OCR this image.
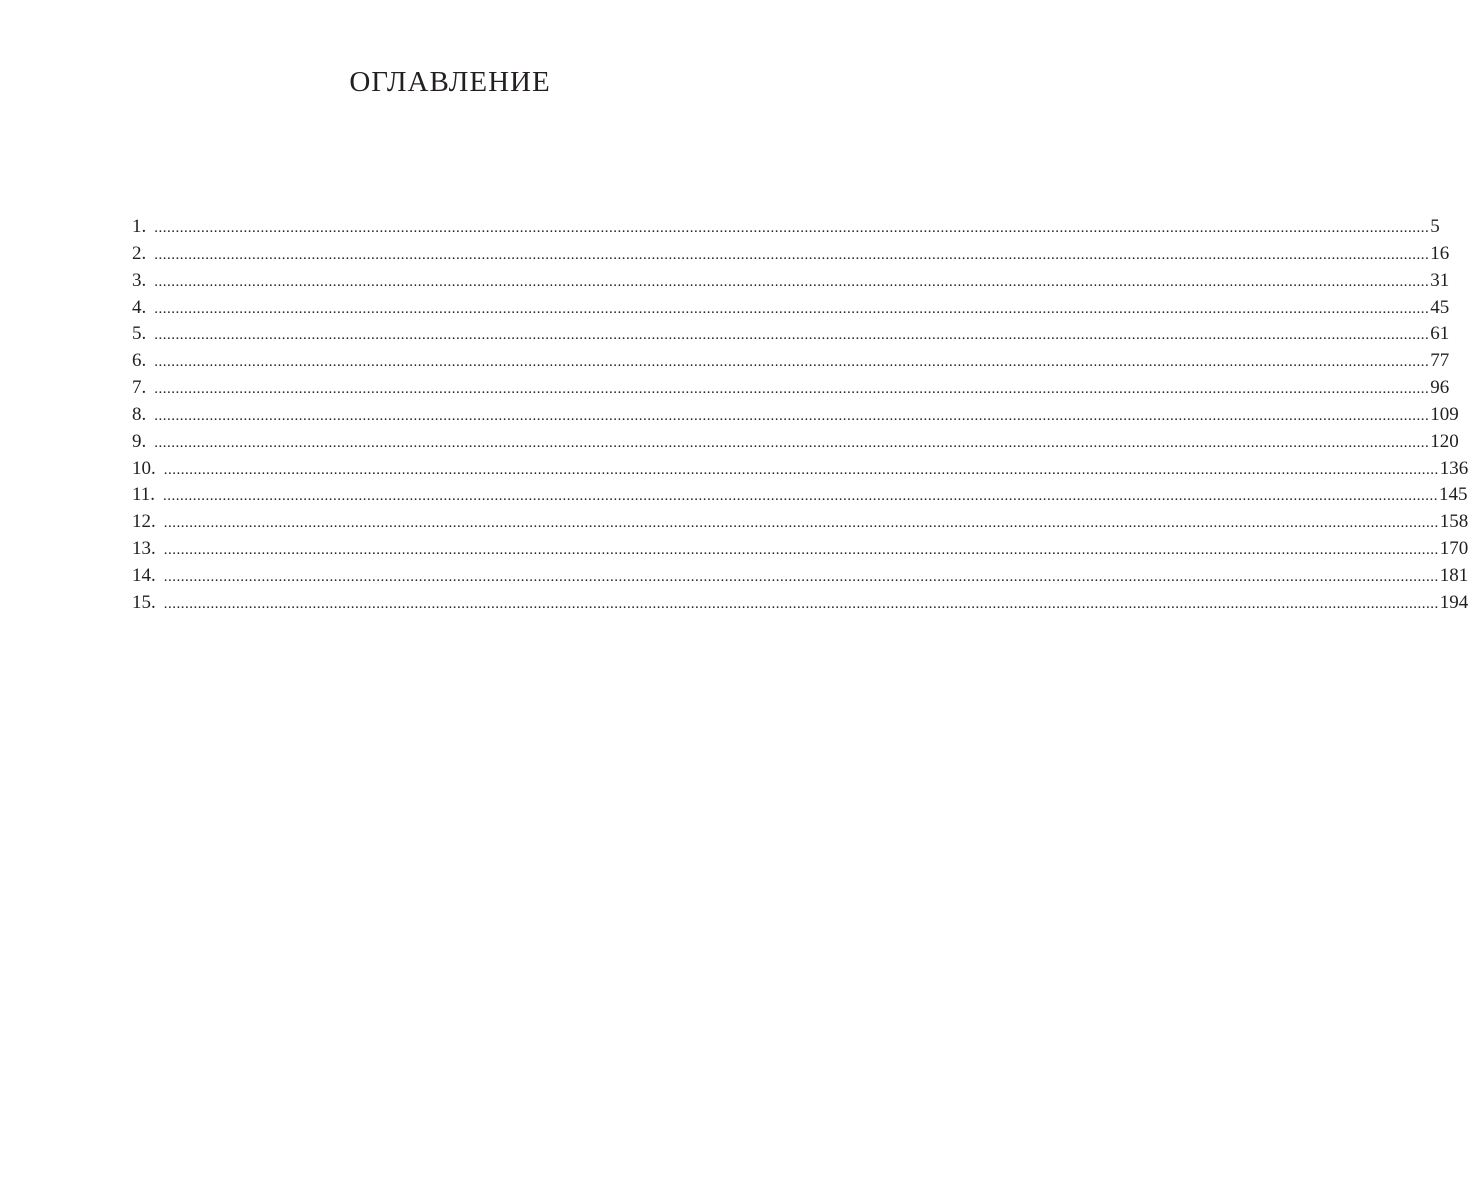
ОГЛАВЛЕНИЕ
1. ............................................................................................................................................................................................................................................................................................................ 5
2. ............................................................................................................................................................................................................................................................................................................ 16
3. ............................................................................................................................................................................................................................................................................................................ 31
4. ............................................................................................................................................................................................................................................................................................................ 45
5. ............................................................................................................................................................................................................................................................................................................ 61
6. ............................................................................................................................................................................................................................................................................................................ 77
7. ............................................................................................................................................................................................................................................................................................................ 96
8. ............................................................................................................................................................................................................................................................................................................ 109
9. ............................................................................................................................................................................................................................................................................................................ 120
10. ............................................................................................................................................................................................................................................................................................................ 136
11. ............................................................................................................................................................................................................................................................................................................ 145
12. ............................................................................................................................................................................................................................................................................................................ 158
13. ............................................................................................................................................................................................................................................................................................................ 170
14. ............................................................................................................................................................................................................................................................................................................ 181
15. ............................................................................................................................................................................................................................................................................................................ 194
